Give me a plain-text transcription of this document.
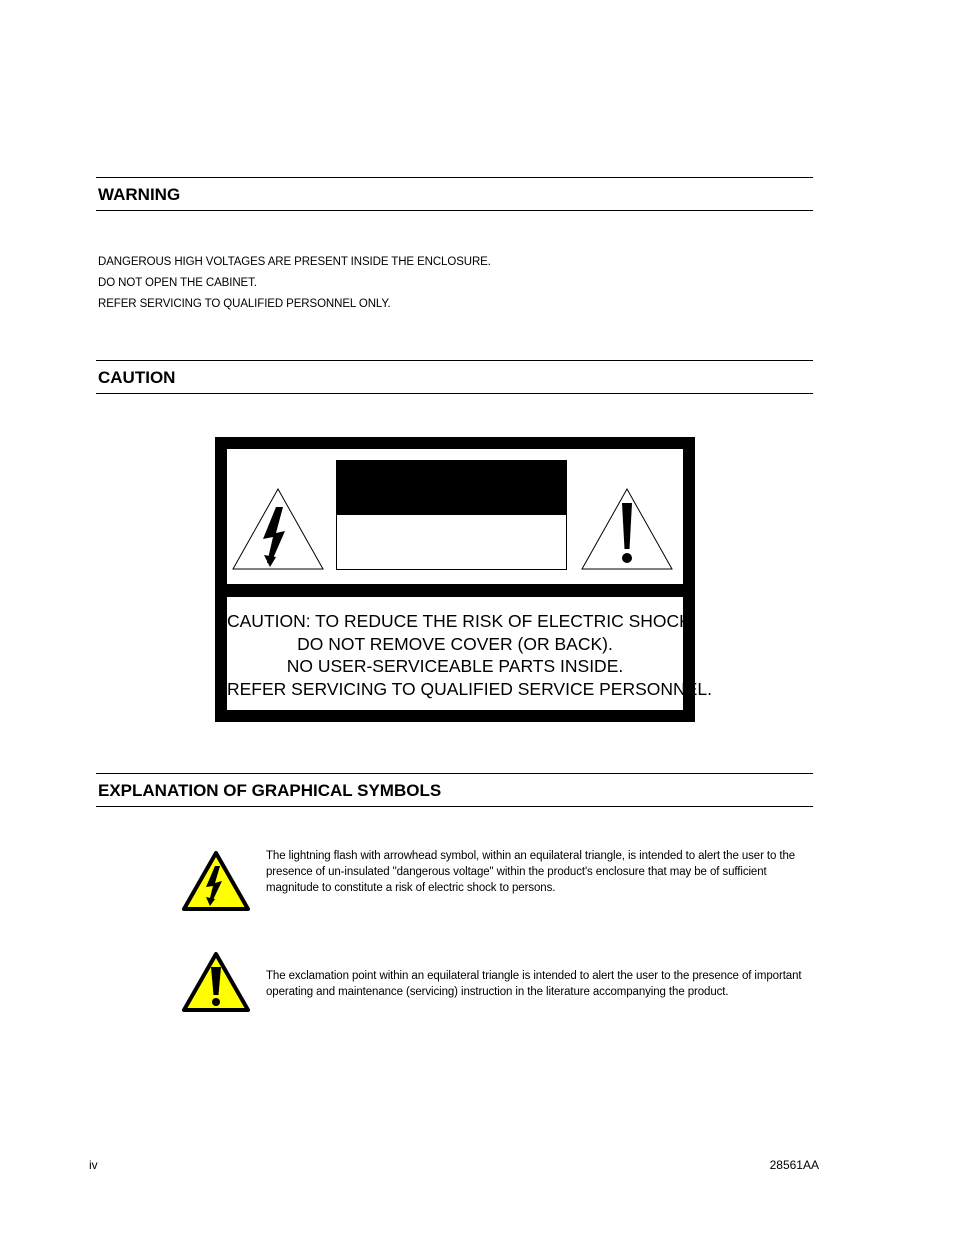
WARNING
DANGEROUS HIGH VOLTAGES ARE PRESENT INSIDE THE ENCLOSURE.
DO NOT OPEN THE CABINET.
REFER SERVICING TO QUALIFIED PERSONNEL ONLY.
CAUTION
CAUTION: TO REDUCE THE RISK OF ELECTRIC SHOCK,
DO NOT REMOVE COVER (OR BACK).
NO USER-SERVICEABLE PARTS INSIDE.
REFER SERVICING TO QUALIFIED SERVICE PERSONNEL.
EXPLANATION OF GRAPHICAL SYMBOLS
The lightning flash with arrowhead symbol, within an equilateral triangle, is intended to alert the user to the presence of un-insulated "dangerous voltage" within the product's enclosure that may be of sufficient magnitude to constitute a risk of electric shock to persons.
The exclamation point within an equilateral triangle is intended to alert the user to the presence of important operating and maintenance (servicing) instruction in the literature accompanying the product.
iv	28561AA
